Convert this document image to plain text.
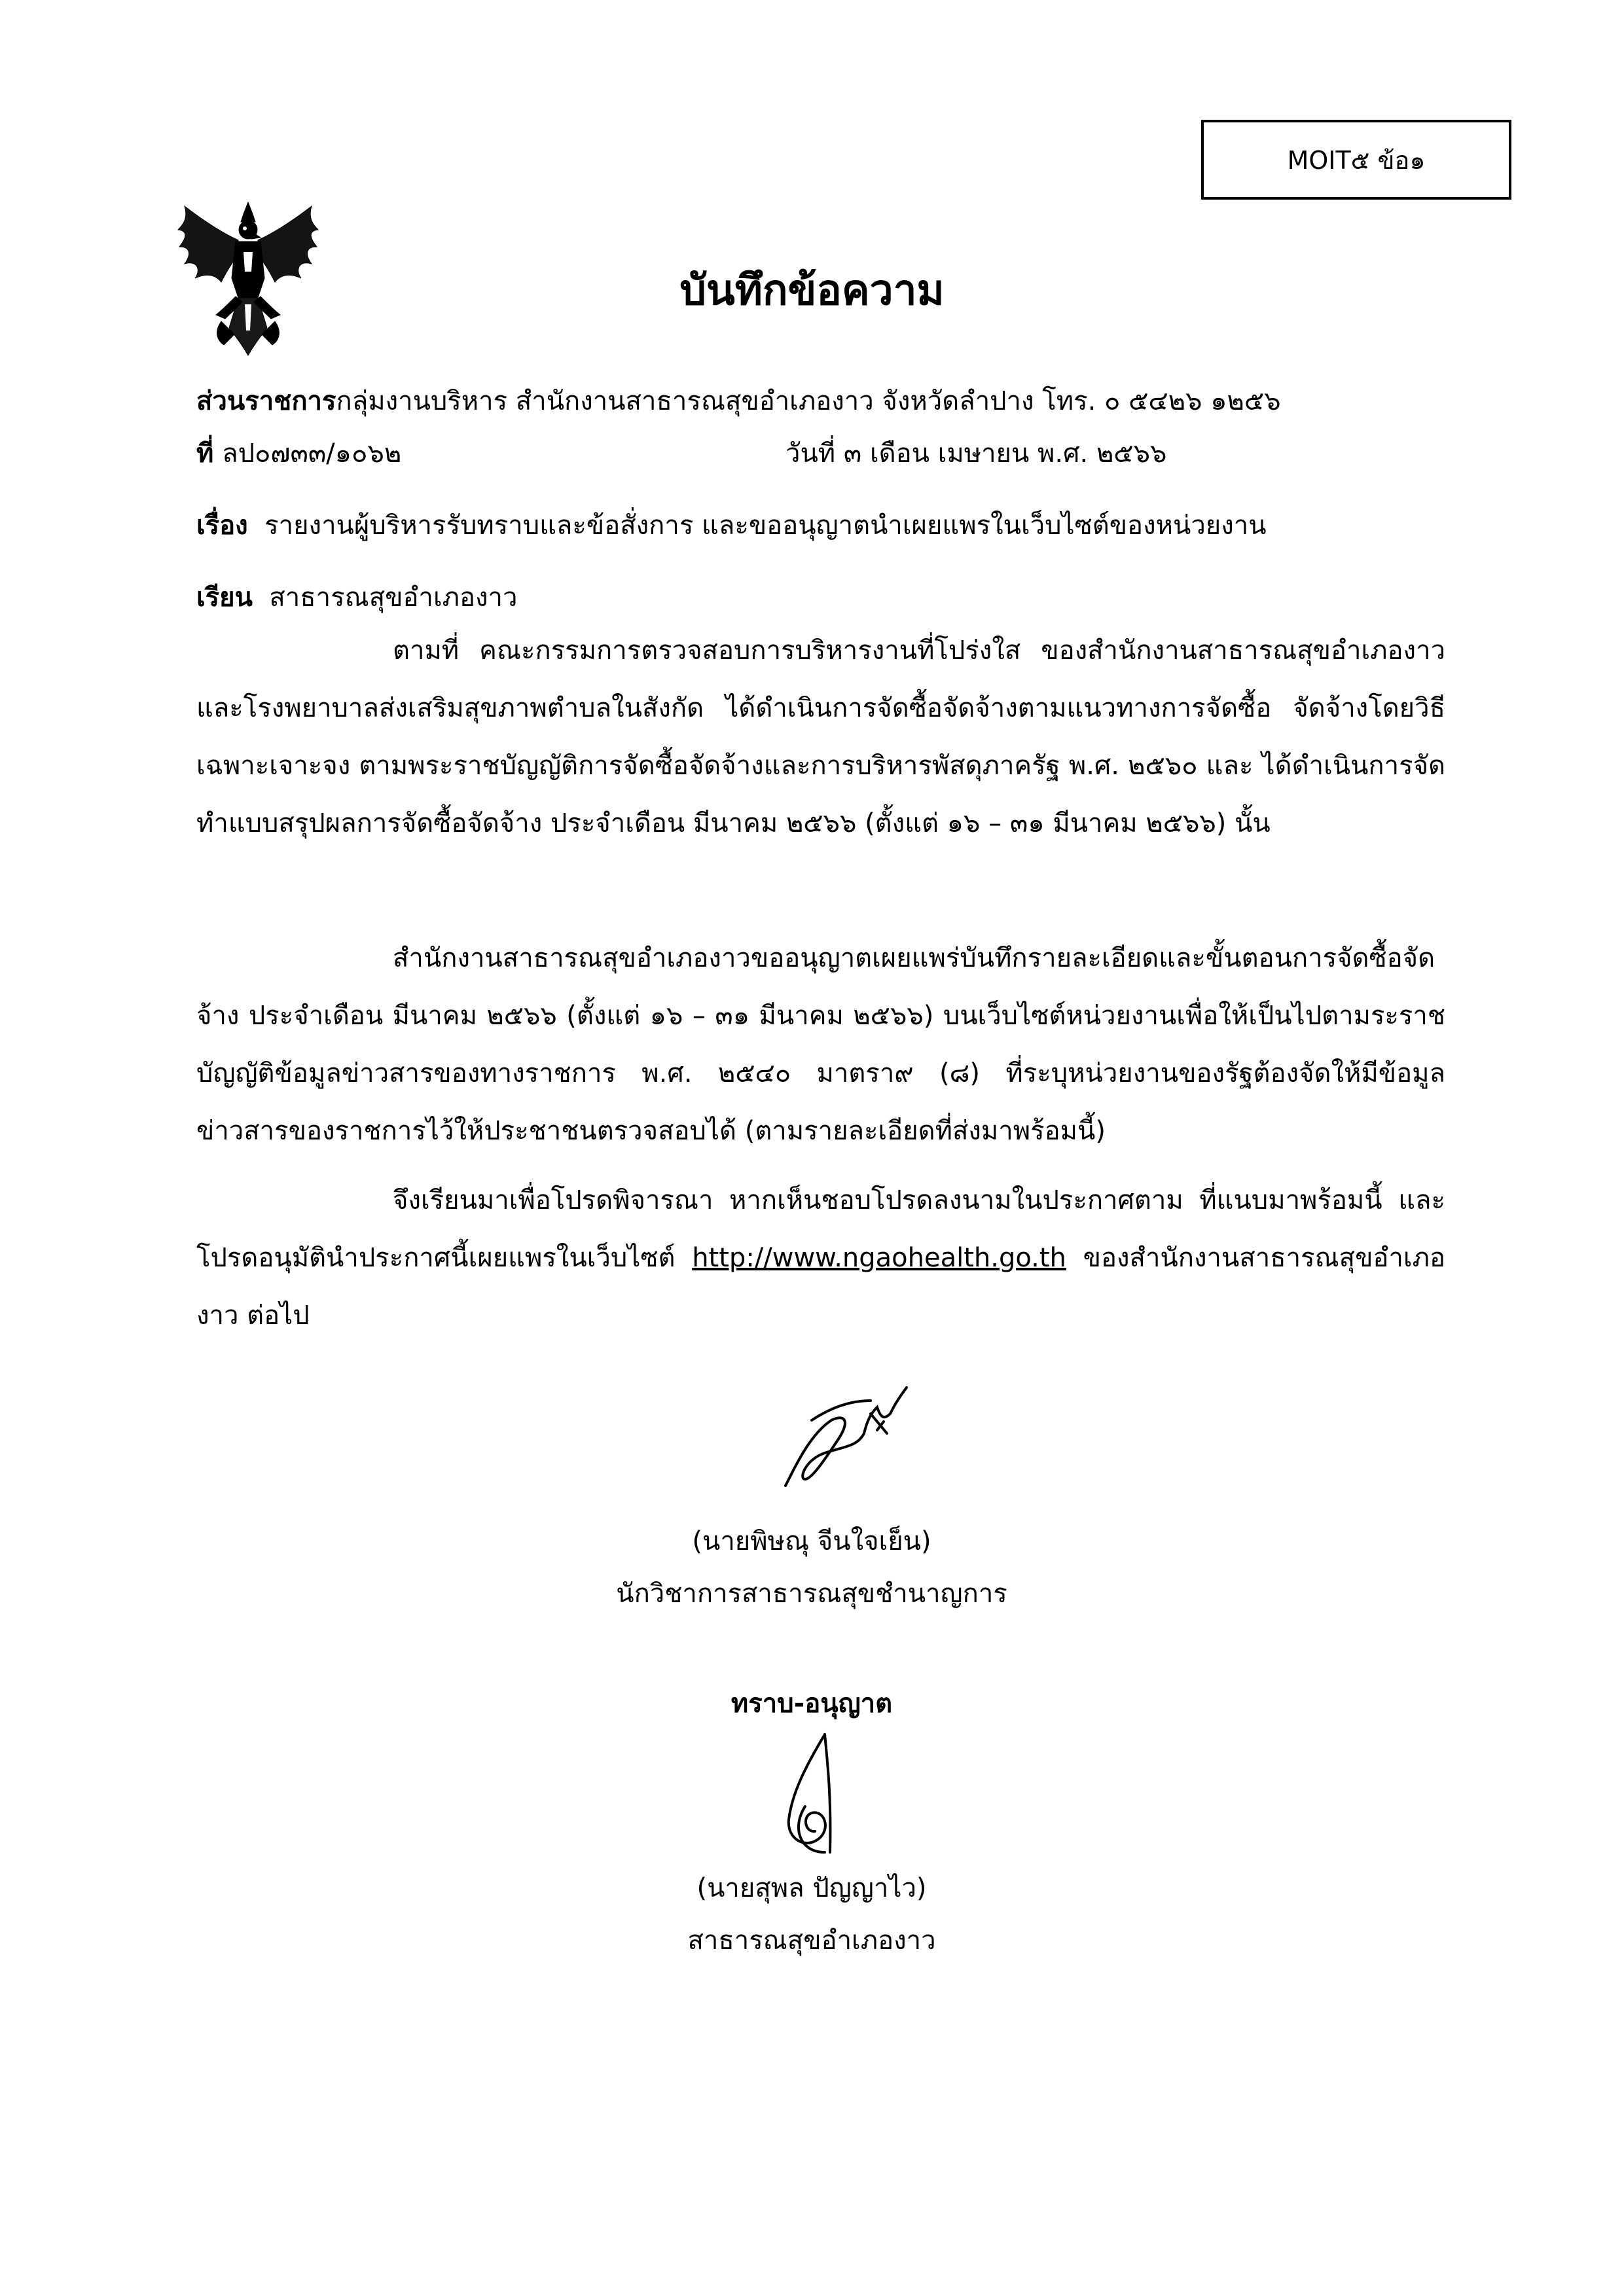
MOIT๕ ข้อ๑
บันทึกข้อความ
ส่วนราชการกลุ่มงานบริหาร สำนักงานสาธารณสุขอำเภองาว จังหวัดลำปาง โทร. ๐ ๕๔๒๖ ๑๒๕๖
ที่ ลป๐๗๓๓/๑๐๖๒	วันที่ ๓ เดือน เมษายน พ.ศ. ๒๕๖๖
เรื่อง รายงานผู้บริหารรับทราบและข้อสั่งการ และขออนุญาตนำเผยแพรในเว็บไซต์ของหน่วยงาน
เรียน สาธารณสุขอำเภองาว
ตามที่ คณะกรรมการตรวจสอบการบริหารงานที่โปร่งใส ของสำนักงานสาธารณสุขอำเภองาว และโรงพยาบาลส่งเสริมสุขภาพตำบลในสังกัด ได้ดำเนินการจัดซื้อจัดจ้างตามแนวทางการจัดซื้อ จัดจ้างโดยวิธีเฉพาะเจาะจง ตามพระราชบัญญัติการจัดซื้อจัดจ้างและการบริหารพัสดุภาครัฐ พ.ศ. ๒๕๖๐ และ ได้ดำเนินการจัดทำแบบสรุปผลการจัดซื้อจัดจ้าง ประจำเดือน มีนาคม ๒๕๖๖ (ตั้งแต่ ๑๖ – ๓๑ มีนาคม ๒๕๖๖) นั้น
สำนักงานสาธารณสุขอำเภองาวขออนุญาตเผยแพร่บันทึกรายละเอียดและขั้นตอนการจัดซื้อจัดจ้าง ประจำเดือน มีนาคม ๒๕๖๖ (ตั้งแต่ ๑๖ – ๓๑ มีนาคม ๒๕๖๖) บนเว็บไซต์หน่วยงานเพื่อให้เป็นไปตามระราชบัญญัติข้อมูลข่าวสารของทางราชการ พ.ศ. ๒๕๔๐ มาตรา๙ (๘) ที่ระบุหน่วยงานของรัฐต้องจัดให้มีข้อมูลข่าวสารของราชการไว้ให้ประชาชนตรวจสอบได้ (ตามรายละเอียดที่ส่งมาพร้อมนี้)
จึงเรียนมาเพื่อโปรดพิจารณา หากเห็นชอบโปรดลงนามในประกาศตาม ที่แนบมาพร้อมนี้ และโปรดอนุมัตินำประกาศนี้เผยแพรในเว็บไซต์ http://www.ngaohealth.go.th ของสำนักงานสาธารณสุขอำเภองาว ต่อไป
(นายพิษณุ จีนใจเย็น)
นักวิชาการสาธารณสุขชำนาญการ
ทราบ-อนุญาต
(นายสุพล ปัญญาไว)
สาธารณสุขอำเภองาว
